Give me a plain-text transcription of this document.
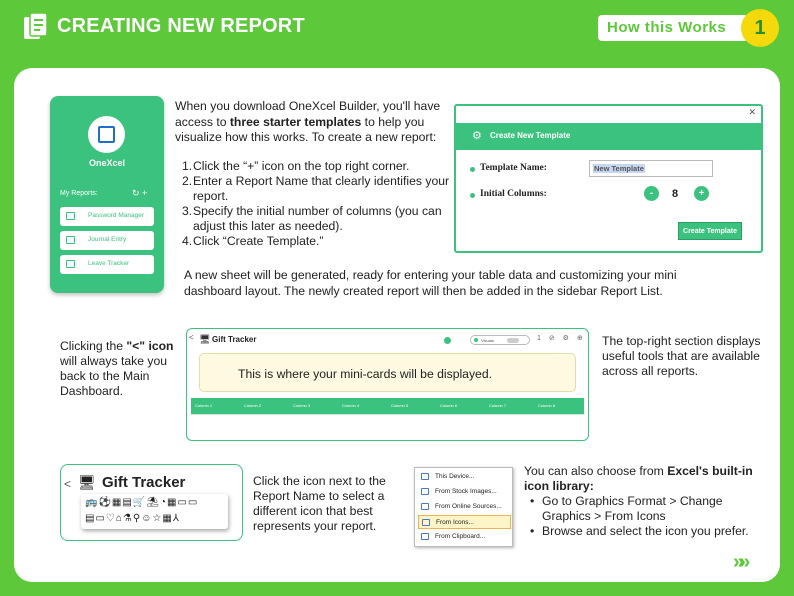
CREATING NEW REPORT	How this Works	1
OneXcel
My Reports:	↻ +
Password Manager
Journal Entry
Leave Tracker
When you download OneXcel Builder, you'll have access to three starter templates to help you visualize how this works. To create a new report:
1. Click the “+” icon on the top right corner.
2. Enter a Report Name that clearly identifies your report.
3. Specify the initial number of columns (you can adjust this later as needed).
4. Click “Create Template.”
A new sheet will be generated, ready for entering your table data and customizing your mini dashboard layout. The newly created report will then be added in the sidebar Report List.
✕
⚙ Create New Template
Template Name:	New Template
Initial Columns:	-	8	+
Create Template
Clicking the "<" icon will always take you back to the Main Dashboard.
< 🖥 Gift Tracker	Visuals	1 ⊘ ⚙ ⊕
This is where your mini-cards will be displayed.
Column 1	Column 2	Column 3	Column 4	Column 5	Column 6	Column 7	Column 8
The top-right section displays useful tools that are available across all reports.
< 🖥 Gift Tracker
🚌⚽▦▤🛒⛱◔▦▭▭
▤▭♡⌂⚗⚲☺☆▦⅄
Click the icon next to the Report Name to select a different icon that best represents your report.
This Device...
From Stock Images...
From Online Sources...
From Icons...
From Clipboard...
You can also choose from Excel's built-in icon library:
• Go to Graphics Format > Change Graphics > From Icons
• Browse and select the icon you prefer.
»»
